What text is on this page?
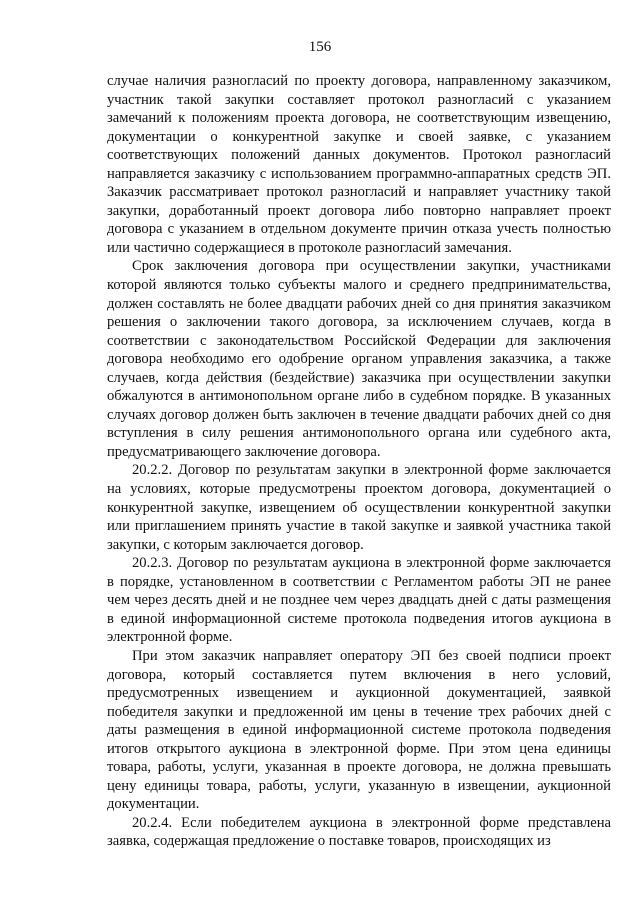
156

случае наличия разногласий по проекту договора, направленному заказчиком, участник такой закупки составляет протокол разногласий с указанием замечаний к положениям проекта договора, не соответствующим извещению, документации о конкурентной закупке и своей заявке, с указанием соответствующих положений данных документов. Протокол разногласий направляется заказчику с использованием программно-аппаратных средств ЭП. Заказчик рассматривает протокол разногласий и направляет участнику такой закупки, доработанный проект договора либо повторно направляет проект договора с указанием в отдельном документе причин отказа учесть полностью или частично содержащиеся в протоколе разногласий замечания.

Срок заключения договора при осуществлении закупки, участниками которой являются только субъекты малого и среднего предпринимательства, должен составлять не более двадцати рабочих дней со дня принятия заказчиком решения о заключении такого договора, за исключением случаев, когда в соответствии с законодательством Российской Федерации для заключения договора необходимо его одобрение органом управления заказчика, а также случаев, когда действия (бездействие) заказчика при осуществлении закупки обжалуются в антимонопольном органе либо в судебном порядке. В указанных случаях договор должен быть заключен в течение двадцати рабочих дней со дня вступления в силу решения антимонопольного органа или судебного акта, предусматривающего заключение договора.

20.2.2. Договор по результатам закупки в электронной форме заключается на условиях, которые предусмотрены проектом договора, документацией о конкурентной закупке, извещением об осуществлении конкурентной закупки или приглашением принять участие в такой закупке и заявкой участника такой закупки, с которым заключается договор.

20.2.3. Договор по результатам аукциона в электронной форме заключается в порядке, установленном в соответствии с Регламентом работы ЭП не ранее чем через десять дней и не позднее чем через двадцать дней с даты размещения в единой информационной системе протокола подведения итогов аукциона в электронной форме.

При этом заказчик направляет оператору ЭП без своей подписи проект договора, который составляется путем включения в него условий, предусмотренных извещением и аукционной документацией, заявкой победителя закупки и предложенной им цены в течение трех рабочих дней с даты размещения в единой информационной системе протокола подведения итогов открытого аукциона в электронной форме. При этом цена единицы товара, работы, услуги, указанная в проекте договора, не должна превышать цену единицы товара, работы, услуги, указанную в извещении, аукционной документации.

20.2.4. Если победителем аукциона в электронной форме представлена заявка, содержащая предложение о поставке товаров, происходящих из
